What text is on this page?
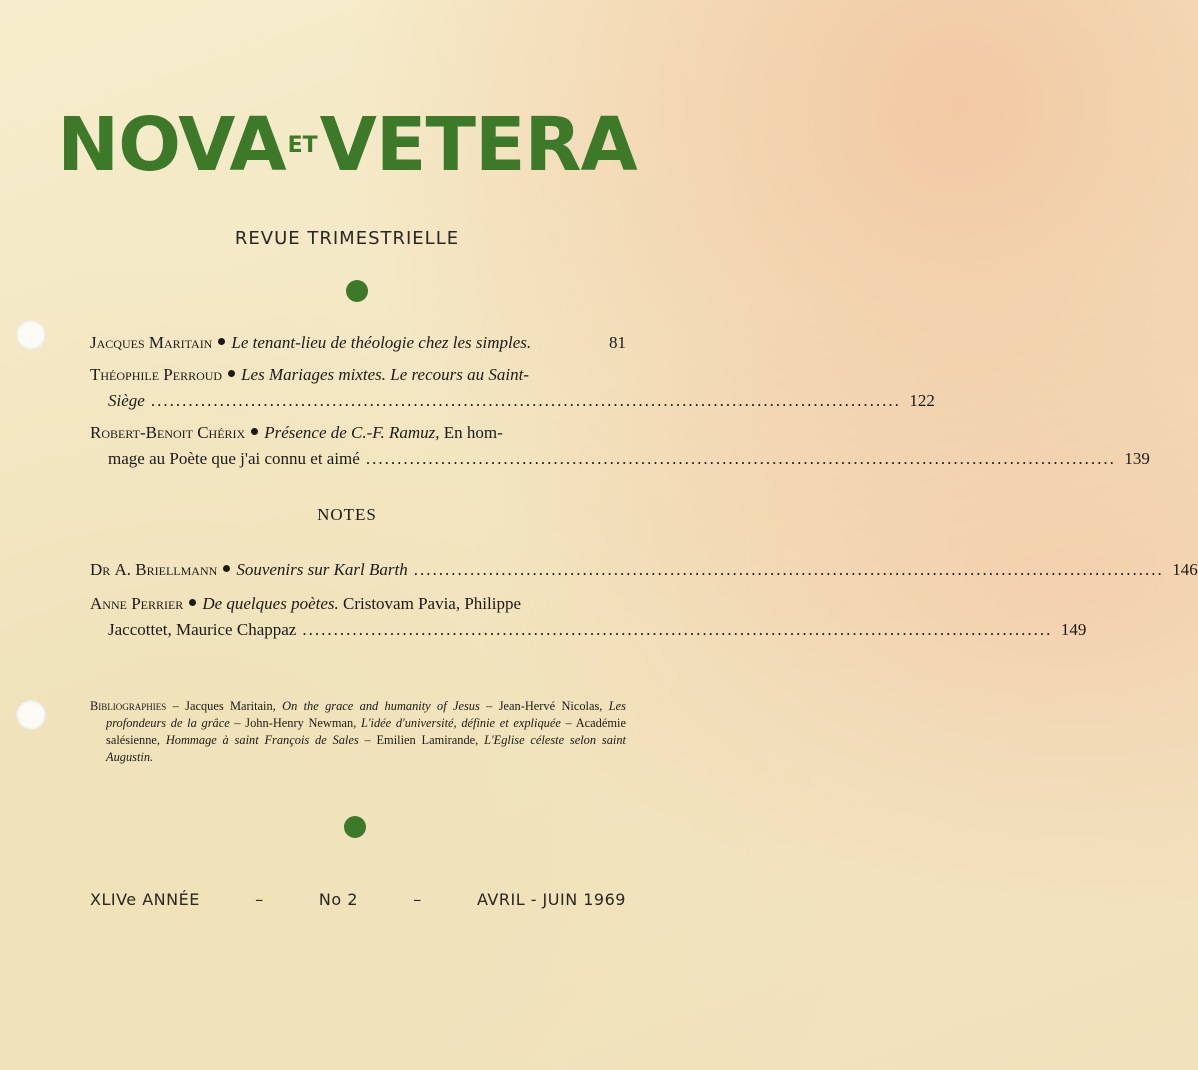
$NOVA^{ET}VETERA$
REVUE TRIMESTRIELLE
Jacques Maritain Le tenant-lieu de théologie chez les simples.	81
Théophile Perroud Les Mariages mixtes. Le recours au Saint-
Siège ........................................................................................................................ 122
Robert-Benoit Chérix Présence de C.-F. Ramuz, En hom-
mage au Poète que j'ai connu et aimé ........................................................................................................................ 139
NOTES
Dr A. Briellmann Souvenirs sur Karl Barth ........................................................................................................................ 146
Anne Perrier De quelques poètes. Cristovam Pavia, Philippe
Jaccottet, Maurice Chappaz ........................................................................................................................ 149
Bibliographies – Jacques Maritain, On the grace and humanity of Jesus – Jean-Hervé Nicolas, Les profondeurs de la grâce – John-Henry Newman, L'idée d'université, définie et expliquée – Académie salésienne, Hommage à saint François de Sales – Emilien Lamirande, L'Eglise céleste selon saint Augustin.
XLIVe ANNÉE	–	No 2	–	AVRIL - JUIN 1969
